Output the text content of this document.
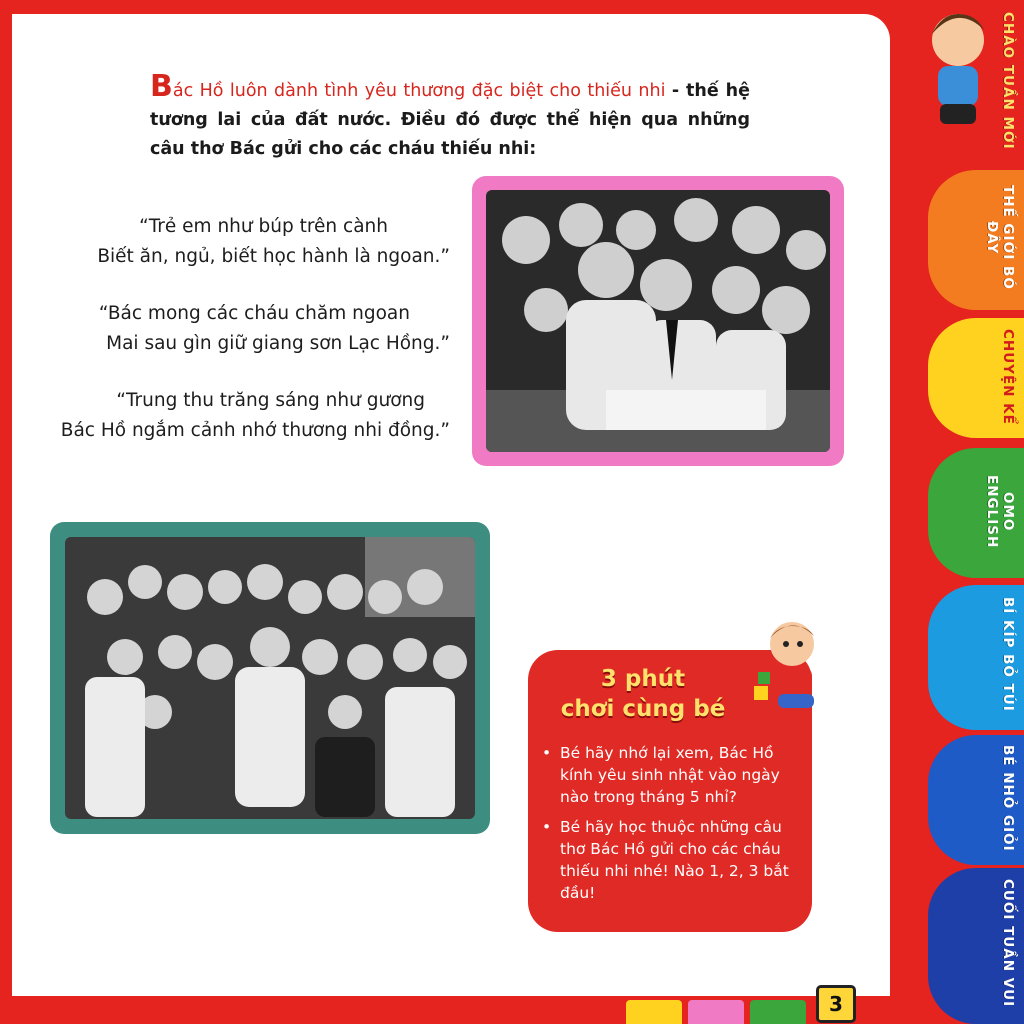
Bác Hồ luôn dành tình yêu thương đặc biệt cho thiếu nhi - thế hệ tương lai của đất nước. Điều đó được thể hiện qua những câu thơ Bác gửi cho các cháu thiếu nhi:
“Trẻ em như búp trên cành
Biết ăn, ngủ, biết học hành là ngoan.”
“Bác mong các cháu chăm ngoan
Mai sau gìn giữ giang sơn Lạc Hồng.”
“Trung thu trăng sáng như gương
Bác Hồ ngắm cảnh nhớ thương nhi đồng.”
3 phút
chơi cùng bé
• Bé hãy nhớ lại xem, Bác Hồ kính yêu sinh nhật vào ngày nào trong tháng 5 nhỉ?
• Bé hãy học thuộc những câu thơ Bác Hồ gửi cho các cháu thiếu nhi nhé! Nào 1, 2, 3 bắt đầu!
CHÀO TUẦN MỚI
THẾ GIỚI BÓ ĐÂY
CHUYỆN KỂ
OMO ENGLISH
BÍ KÍP BỎ TÚI
BÉ NHỎ GIỎI
CUỐI TUẦN VUI
3
